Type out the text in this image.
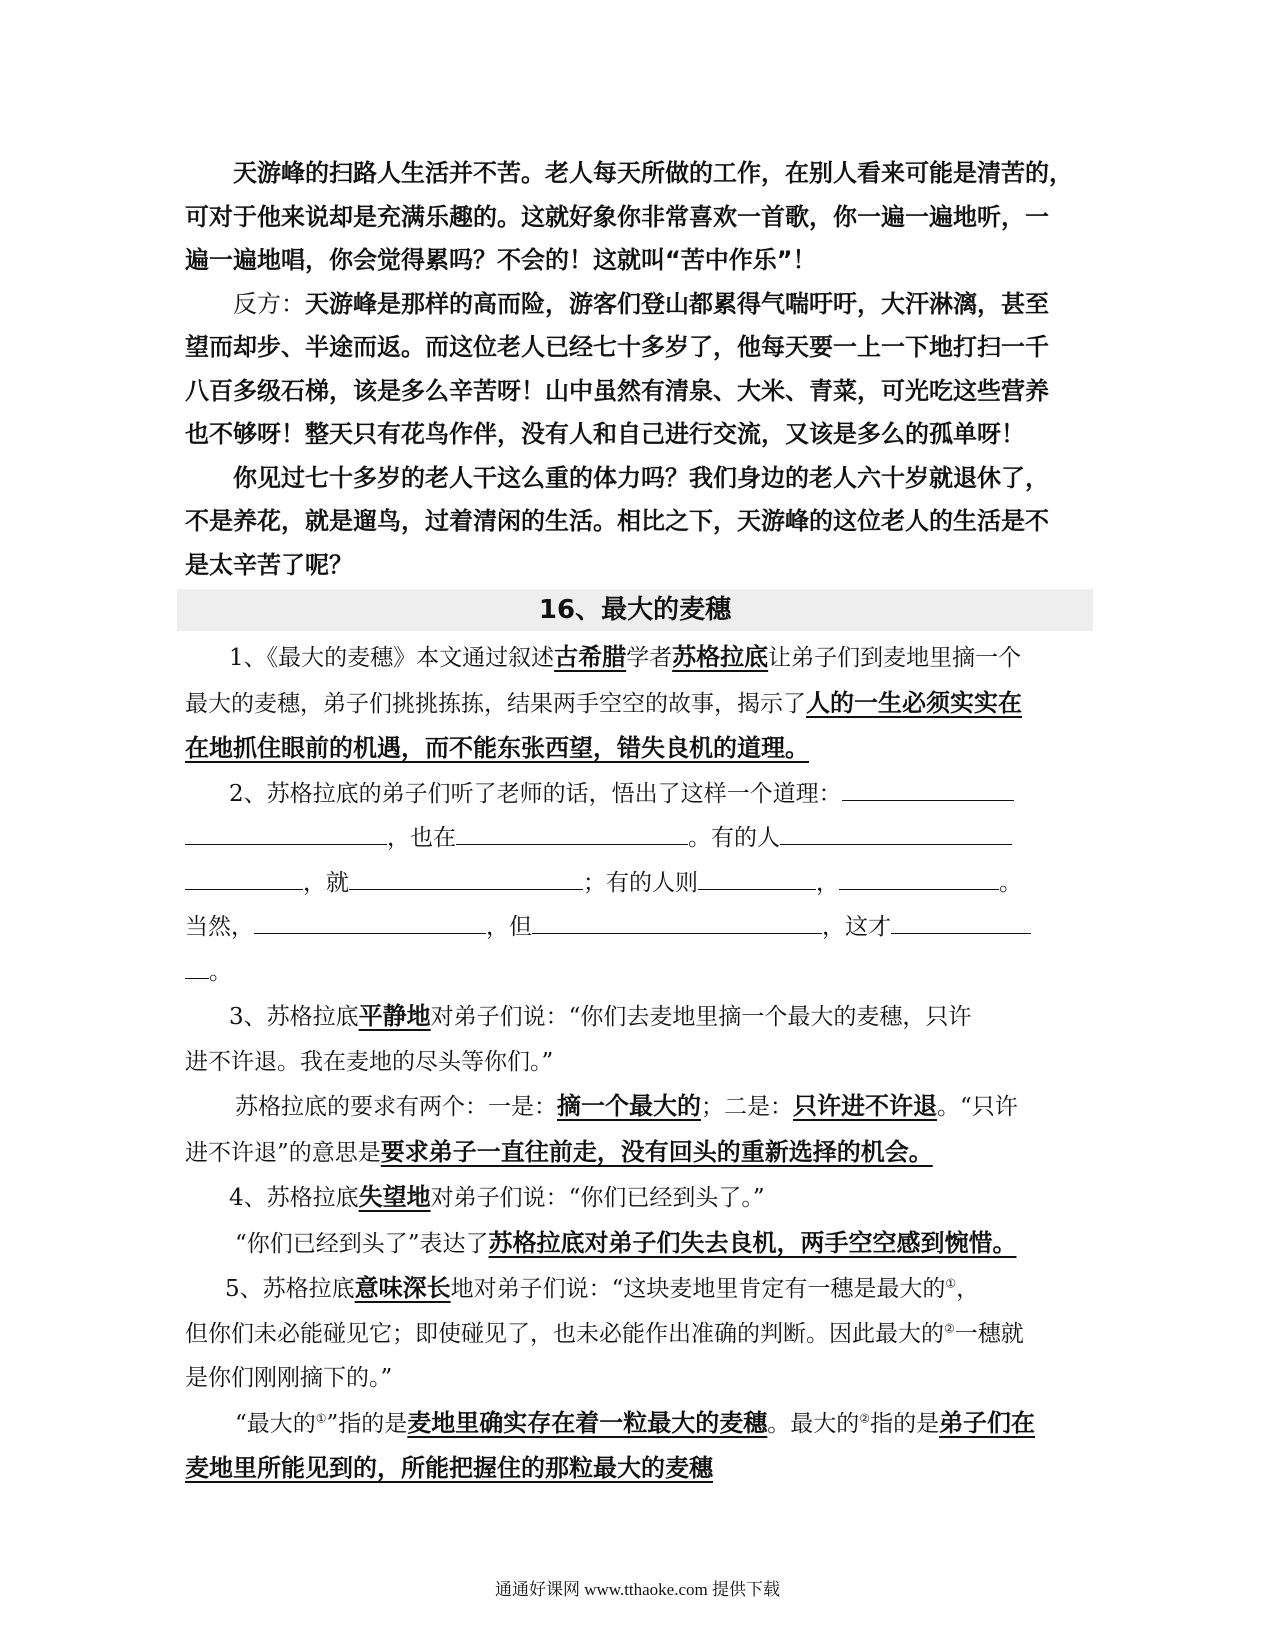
天游峰的扫路人生活并不苦。老人每天所做的工作，在别人看来可能是清苦的，

可对于他来说却是充满乐趣的。这就好象你非常喜欢一首歌，你一遍一遍地听，一

遍一遍地唱，你会觉得累吗？不会的！这就叫“苦中作乐”！

反方：天游峰是那样的高而险，游客们登山都累得气喘吁吁，大汗淋漓，甚至

望而却步、半途而返。而这位老人已经七十多岁了，他每天要一上一下地打扫一千

八百多级石梯，该是多么辛苦呀！山中虽然有清泉、大米、青菜，可光吃这些营养

也不够呀！整天只有花鸟作伴，没有人和自己进行交流，又该是多么的孤单呀！

你见过七十多岁的老人干这么重的体力吗？我们身边的老人六十岁就退休了，

不是养花，就是遛鸟，过着清闲的生活。相比之下，天游峰的这位老人的生活是不

是太辛苦了呢？

16、最大的麦穗

1、《最大的麦穗》本文通过叙述古希腊学者苏格拉底让弟子们到麦地里摘一个

最大的麦穗，弟子们挑挑拣拣，结果两手空空的故事，揭示了人的一生必须实实在

在地抓住眼前的机遇，而不能东张西望，错失良机的道理。

2、苏格拉底的弟子们听了老师的话，悟出了这样一个道理：

，也在	。有的人

，就	；有的人则	，	。

当然，	，但	，这才

。

3、苏格拉底平静地对弟子们说：“你们去麦地里摘一个最大的麦穗，只许

进不许退。我在麦地的尽头等你们。”

苏格拉底的要求有两个：一是：摘一个最大的；二是：只许进不许退。“只许

进不许退”的意思是要求弟子一直往前走，没有回头的重新选择的机会。

4、苏格拉底失望地对弟子们说：“你们已经到头了。”

“你们已经到头了”表达了苏格拉底对弟子们失去良机，两手空空感到惋惜。

5、苏格拉底意味深长地对弟子们说：“这块麦地里肯定有一穗是最大的①，

但你们未必能碰见它；即使碰见了，也未必能作出准确的判断。因此最大的②一穗就

是你们刚刚摘下的。”

“最大的①”指的是麦地里确实存在着一粒最大的麦穗。最大的②指的是弟子们在

麦地里所能见到的，所能把握住的那粒最大的麦穗

通通好课网 www.tthaoke.com 提供下载
